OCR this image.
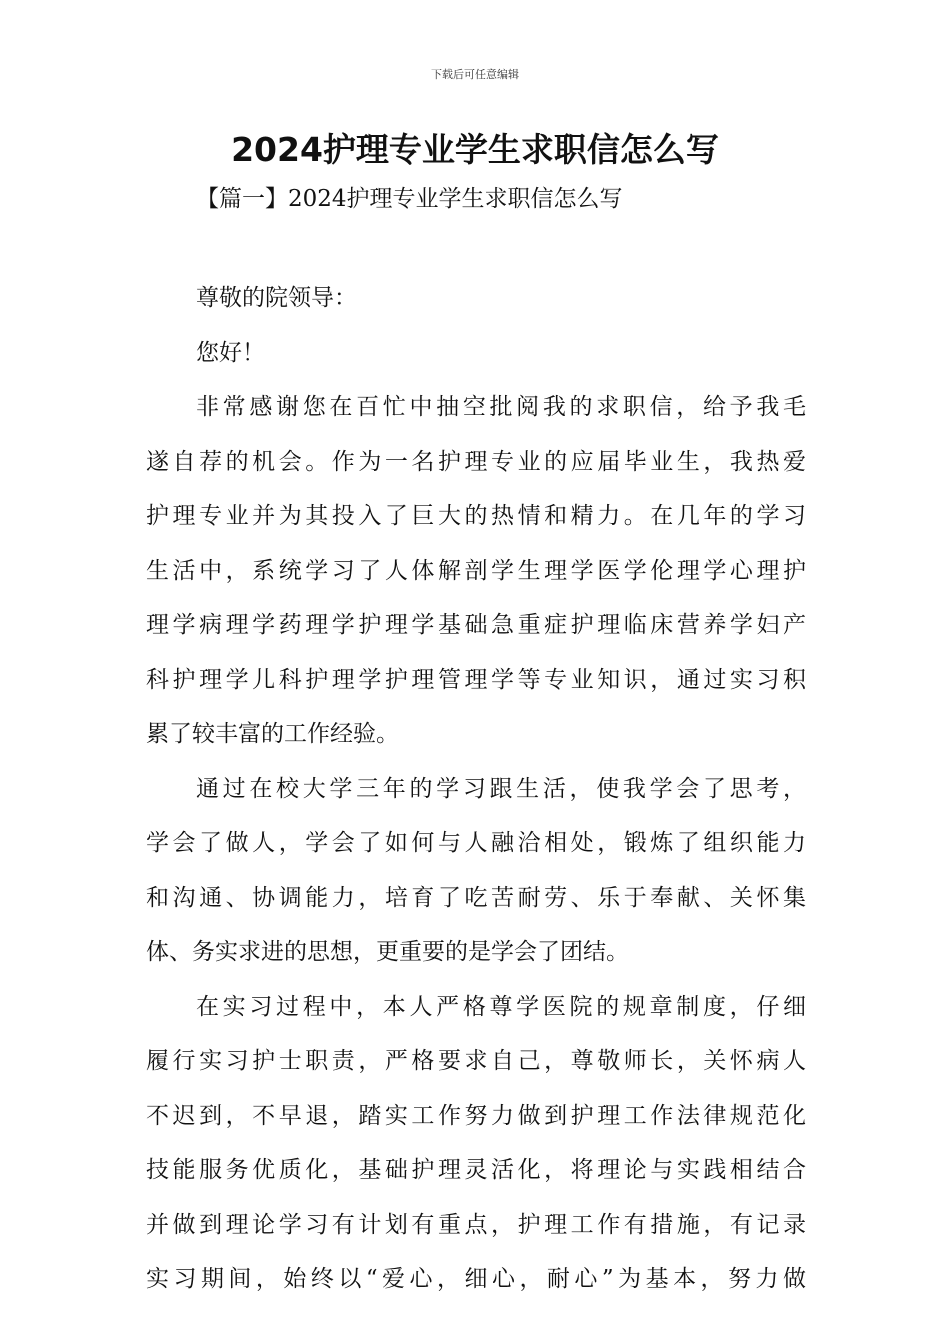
下载后可任意编辑
2024护理专业学生求职信怎么写
【篇一】2024护理专业学生求职信怎么写
尊敬的院领导：
您好！
非常感谢您在百忙中抽空批阅我的求职信，给予我毛
遂自荐的机会。作为一名护理专业的应届毕业生，我热爱
护理专业并为其投入了巨大的热情和精力。在几年的学习
生活中，系统学习了人体解剖学生理学医学伦理学心理护
理学病理学药理学护理学基础急重症护理临床营养学妇产
科护理学儿科护理学护理管理学等专业知识，通过实习积
累了较丰富的工作经验。
通过在校大学三年的学习跟生活，使我学会了思考，
学会了做人，学会了如何与人融洽相处，锻炼了组织能力
和沟通、协调能力，培育了吃苦耐劳、乐于奉献、关怀集
体、务实求进的思想，更重要的是学会了团结。
在实习过程中，本人严格尊学医院的规章制度，仔细
履行实习护士职责，严格要求自己，尊敬师长，关怀病人
不迟到，不早退，踏实工作努力做到护理工作法律规范化
技能服务优质化，基础护理灵活化，将理论与实践相结合
并做到理论学习有计划有重点，护理工作有措施，有记录
实习期间，始终以“爱心，细心，耐心”为基本，努力做
